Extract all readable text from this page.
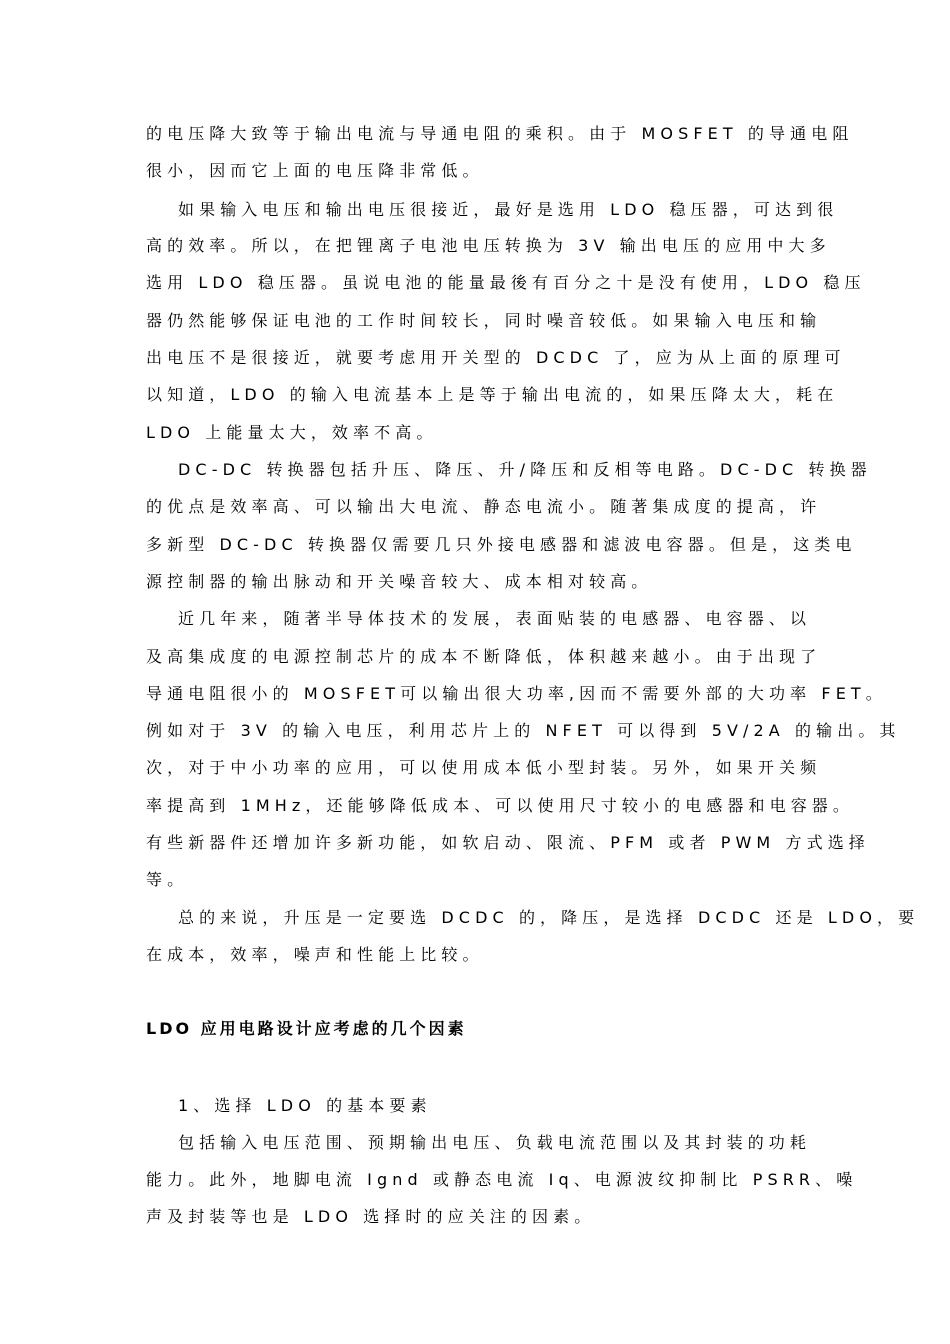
的电压降大致等于输出电流与导通电阻的乘积。由于 MOSFET 的导通电阻
很小，因而它上面的电压降非常低。
如果输入电压和输出电压很接近，最好是选用 LDO 稳压器，可达到很
高的效率。所以，在把锂离子电池电压转换为 3V 输出电压的应用中大多
选用 LDO 稳压器。虽说电池的能量最後有百分之十是没有使用，LDO 稳压
器仍然能够保证电池的工作时间较长，同时噪音较低。如果输入电压和输
出电压不是很接近，就要考虑用开关型的 DCDC 了，应为从上面的原理可
以知道，LDO 的输入电流基本上是等于输出电流的，如果压降太大，耗在
LDO 上能量太大，效率不高。
DC-DC 转换器包括升压、降压、升/降压和反相等电路。DC-DC 转换器
的优点是效率高、可以输出大电流、静态电流小。随著集成度的提高，许
多新型 DC-DC 转换器仅需要几只外接电感器和滤波电容器。但是，这类电
源控制器的输出脉动和开关噪音较大、成本相对较高。
近几年来，随著半导体技术的发展，表面贴装的电感器、电容器、以
及高集成度的电源控制芯片的成本不断降低，体积越来越小。由于出现了
导通电阻很小的 MOSFET可以输出很大功率,因而不需要外部的大功率 FET。
例如对于 3V 的输入电压，利用芯片上的 NFET 可以得到 5V/2A 的输出。其
次，对于中小功率的应用，可以使用成本低小型封装。另外，如果开关频
率提高到 1MHz，还能够降低成本、可以使用尺寸较小的电感器和电容器。
有些新器件还增加许多新功能，如软启动、限流、PFM 或者 PWM 方式选择
等。
总的来说，升压是一定要选 DCDC 的，降压，是选择 DCDC 还是 LDO，要
在成本，效率，噪声和性能上比较。
LDO 应用电路设计应考虑的几个因素
1、选择 LDO 的基本要素
包括输入电压范围、预期输出电压、负载电流范围以及其封装的功耗
能力。此外，地脚电流 Ignd 或静态电流 Iq、电源波纹抑制比 PSRR、噪
声及封装等也是 LDO 选择时的应关注的因素。
